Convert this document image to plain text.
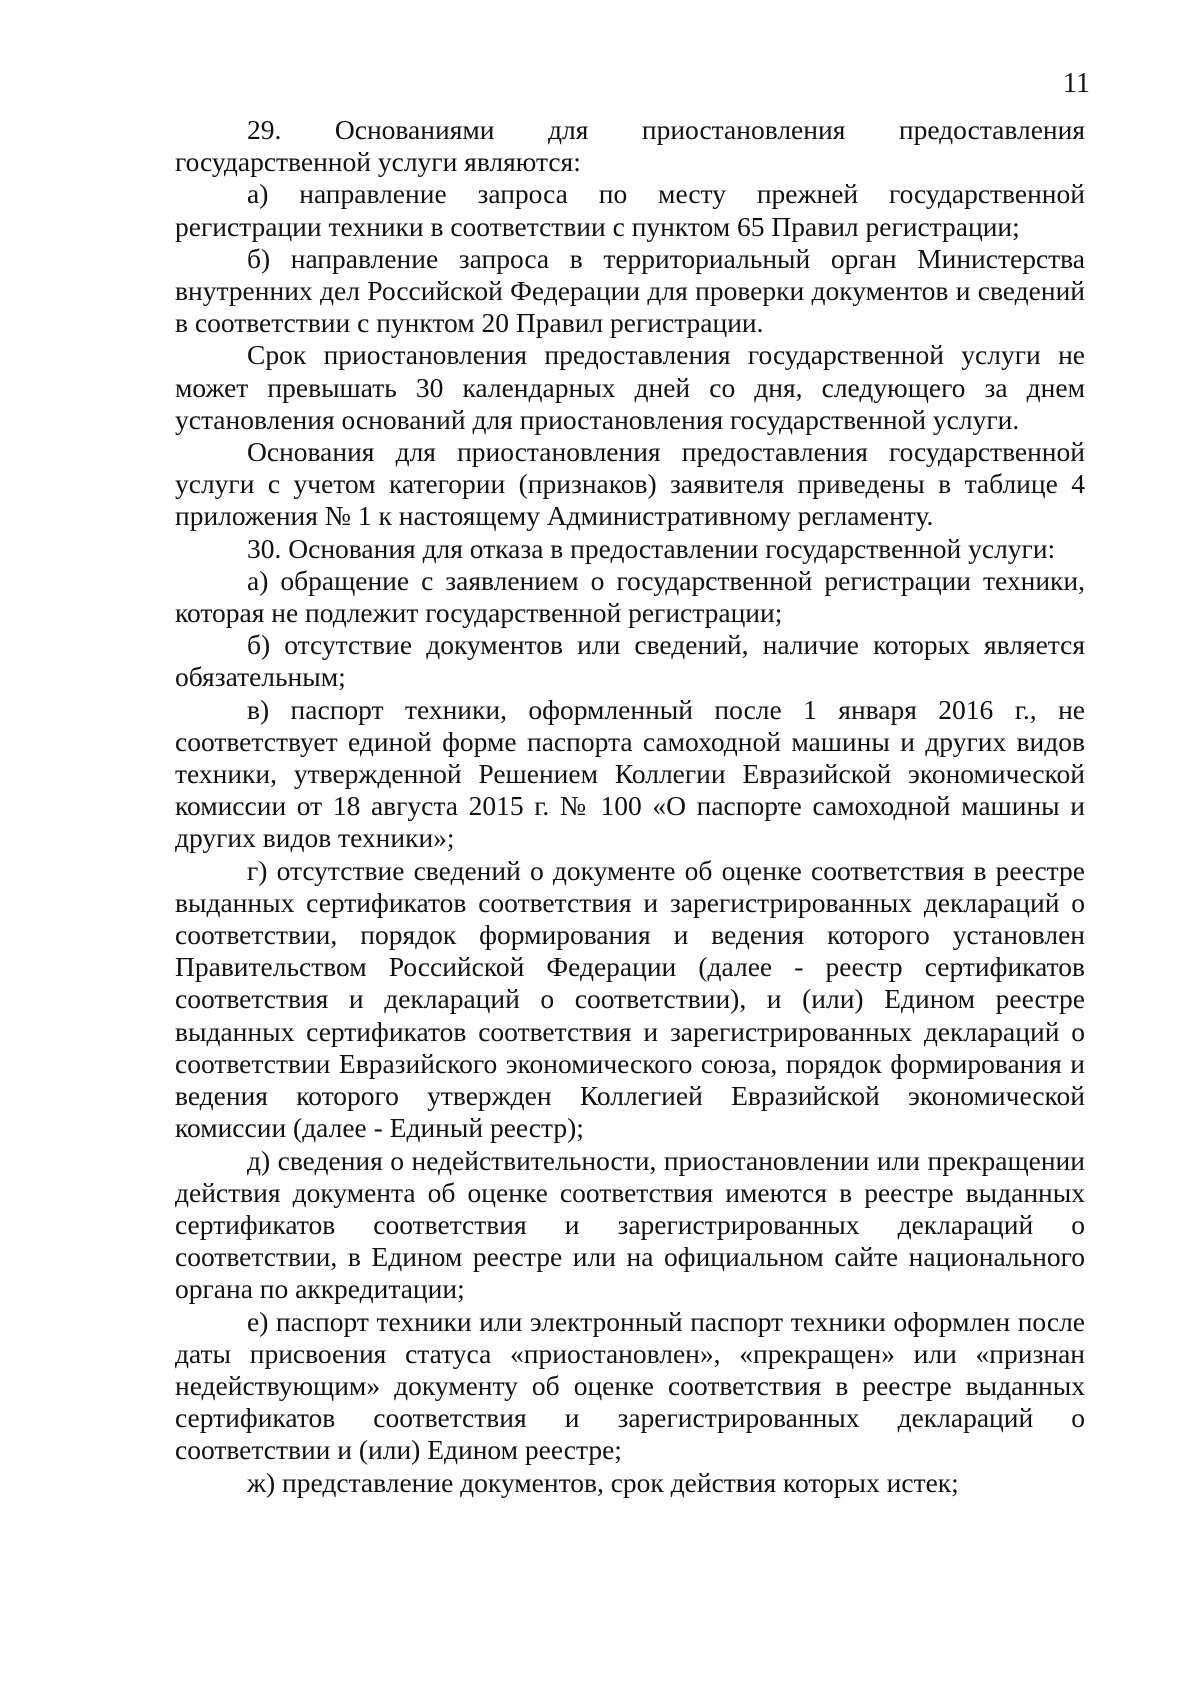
11

29. Основаниями для приостановления предоставления государственной услуги являются:

а) направление запроса по месту прежней государственной регистрации техники в соответствии с пунктом 65 Правил регистрации;

б) направление запроса в территориальный орган Министерства внутренних дел Российской Федерации для проверки документов и сведений в соответствии с пунктом 20 Правил регистрации.

Срок приостановления предоставления государственной услуги не может превышать 30 календарных дней со дня, следующего за днем установления оснований для приостановления государственной услуги.

Основания для приостановления предоставления государственной услуги с учетом категории (признаков) заявителя приведены в таблице 4 приложения № 1 к настоящему Административному регламенту.

30. Основания для отказа в предоставлении государственной услуги:

а) обращение с заявлением о государственной регистрации техники, которая не подлежит государственной регистрации;

б) отсутствие документов или сведений, наличие которых является обязательным;

в) паспорт техники, оформленный после 1 января 2016 г., не соответствует единой форме паспорта самоходной машины и других видов техники, утвержденной Решением Коллегии Евразийской экономической комиссии от 18 августа 2015 г. № 100 «О паспорте самоходной машины и других видов техники»;

г) отсутствие сведений о документе об оценке соответствия в реестре выданных сертификатов соответствия и зарегистрированных деклараций о соответствии, порядок формирования и ведения которого установлен Правительством Российской Федерации (далее - реестр сертификатов соответствия и деклараций о соответствии), и (или) Едином реестре выданных сертификатов соответствия и зарегистрированных деклараций о соответствии Евразийского экономического союза, порядок формирования и ведения которого утвержден Коллегией Евразийской экономической комиссии (далее - Единый реестр);

д) сведения о недействительности, приостановлении или прекращении действия документа об оценке соответствия имеются в реестре выданных сертификатов соответствия и зарегистрированных деклараций о соответствии, в Едином реестре или на официальном сайте национального органа по аккредитации;

е) паспорт техники или электронный паспорт техники оформлен после даты присвоения статуса «приостановлен», «прекращен» или «признан недействующим» документу об оценке соответствия в реестре выданных сертификатов соответствия и зарегистрированных деклараций о соответствии и (или) Едином реестре;

ж) представление документов, срок действия которых истек;
